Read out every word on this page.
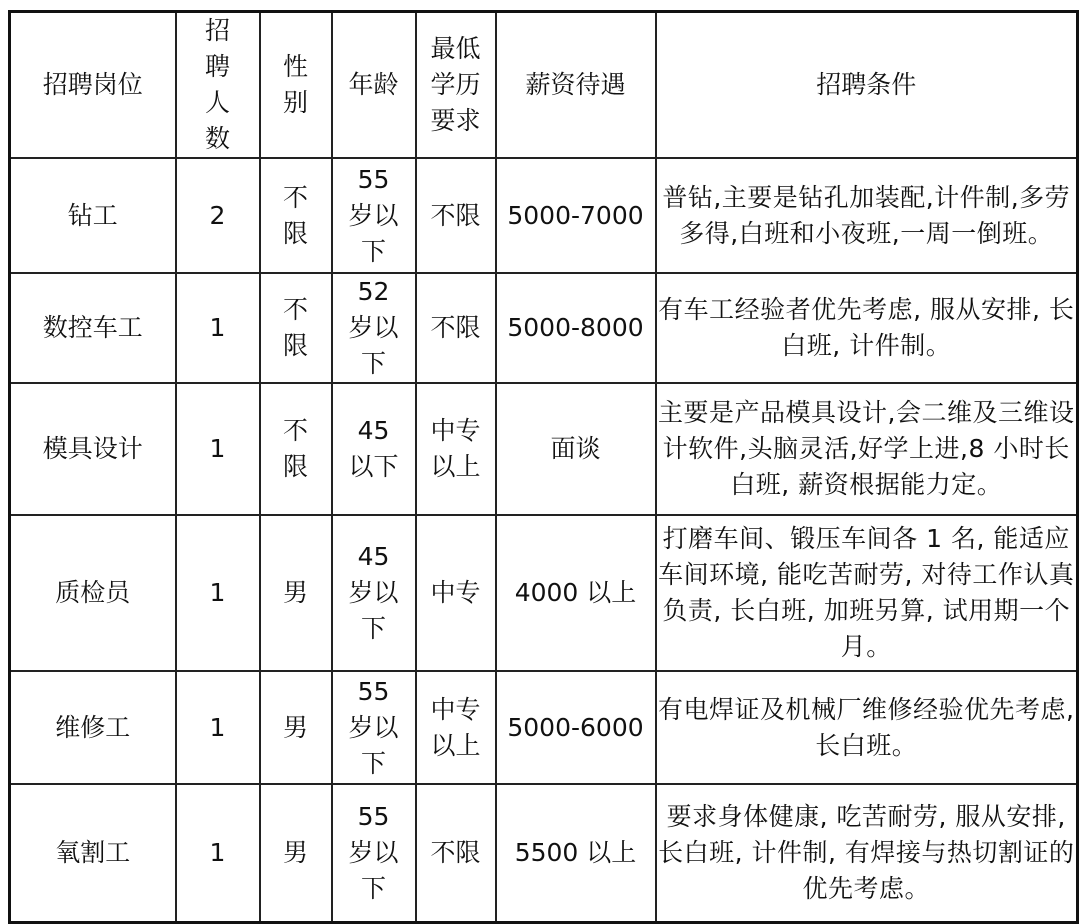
招聘岗位	招聘人数	性别	年龄	最低学历要求	薪资待遇	招聘条件
钻工	2	不限	55 岁以下	不限	5000-7000	普钻,主要是钻孔加装配,计件制,多劳多得,白班和小夜班,一周一倒班。
数控车工	1	不限	52 岁以下	不限	5000-8000	有车工经验者优先考虑, 服从安排, 长白班, 计件制。
模具设计	1	不限	45 以下	中专以上	面谈	主要是产品模具设计,会二维及三维设计软件,头脑灵活,好学上进,8 小时长白班, 薪资根据能力定。
质检员	1	男	45 岁以下	中专	4000 以上	打磨车间、锻压车间各 1 名, 能适应车间环境, 能吃苦耐劳, 对待工作认真负责, 长白班, 加班另算, 试用期一个月。
维修工	1	男	55 岁以下	中专以上	5000-6000	有电焊证及机械厂维修经验优先考虑, 长白班。
氧割工	1	男	55 岁以下	不限	5500 以上	要求身体健康, 吃苦耐劳, 服从安排, 长白班, 计件制, 有焊接与热切割证的优先考虑。
